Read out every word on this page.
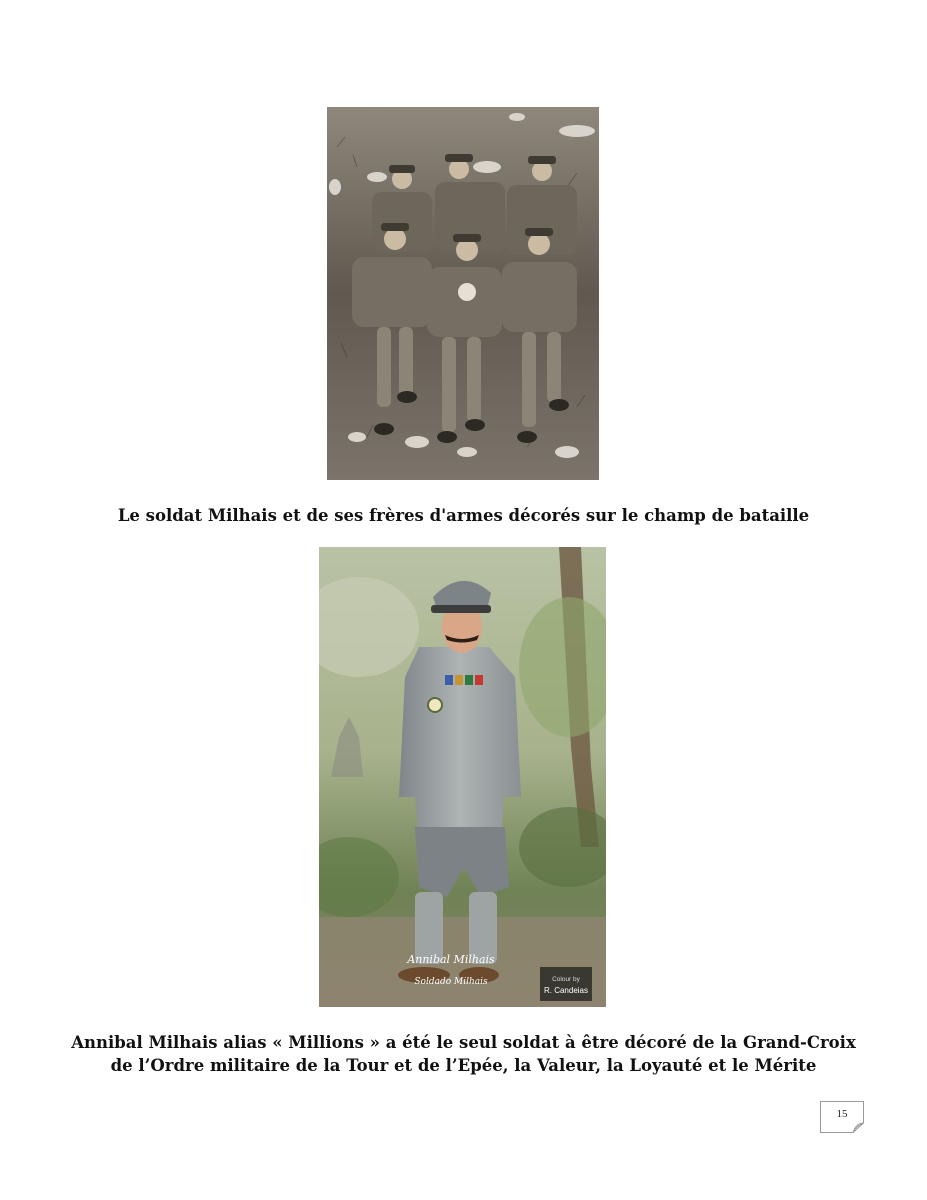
Le soldat Milhais et de ses frères d'armes décorés sur le champ de bataille
Annibal Milhais
Soldado Milhais	Colour by
R. Candeias
Annibal Milhais alias « Millions » a été le seul soldat à être décoré de la Grand-Croix
de l’Ordre militaire de la Tour et de l’Epée, la Valeur, la Loyauté et le Mérite
15
